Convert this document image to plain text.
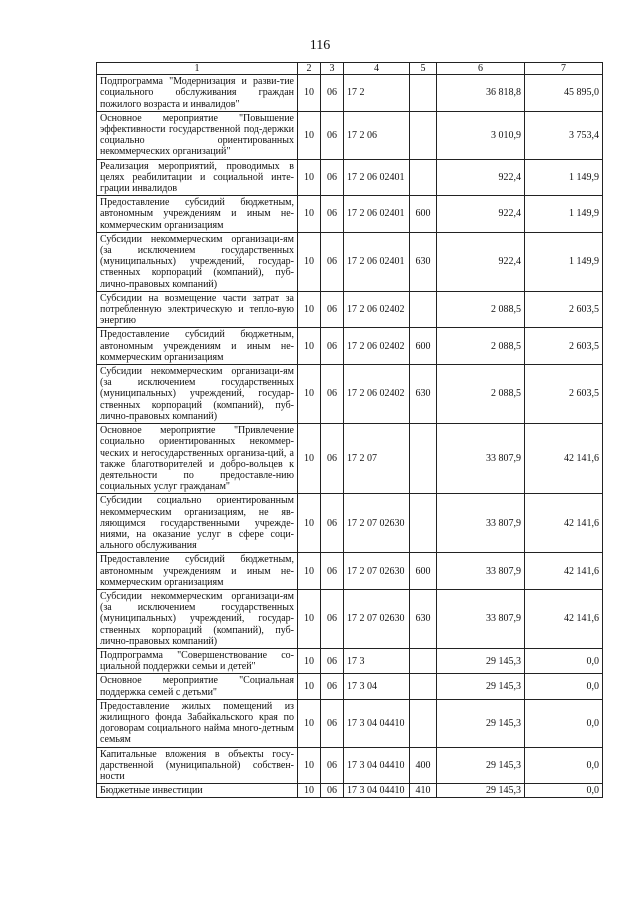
116
1	2	3	4	5	6	7
Подпрограмма "Модернизация и разви-тие социального обслуживания граждан пожилого возраста и инвалидов"	10	06	17 2		36 818,8	45 895,0
Основное мероприятие "Повышение эффективности государственной под-держки социально ориентированных некоммерческих организаций"	10	06	17 2 06		3 010,9	3 753,4
Реализация мероприятий, проводимых в целях реабилитации и социальной инте-грации инвалидов	10	06	17 2 06 02401		922,4	1 149,9
Предоставление субсидий бюджетным, автономным учреждениям и иным не-коммерческим организациям	10	06	17 2 06 02401	600	922,4	1 149,9
Субсидии некоммерческим организаци-ям (за исключением государственных (муниципальных) учреждений, государ-ственных корпораций (компаний), пуб-лично-правовых компаний)	10	06	17 2 06 02401	630	922,4	1 149,9
Субсидии на возмещение части затрат за потребленную электрическую и тепло-вую энергию	10	06	17 2 06 02402		2 088,5	2 603,5
Предоставление субсидий бюджетным, автономным учреждениям и иным не-коммерческим организациям	10	06	17 2 06 02402	600	2 088,5	2 603,5
Субсидии некоммерческим организаци-ям (за исключением государственных (муниципальных) учреждений, государ-ственных корпораций (компаний), пуб-лично-правовых компаний)	10	06	17 2 06 02402	630	2 088,5	2 603,5
Основное мероприятие "Привлечение социально ориентированных некоммер-ческих и негосударственных организа-ций, а также благотворителей и добро-вольцев к деятельности по предоставле-нию социальных услуг гражданам"	10	06	17 2 07		33 807,9	42 141,6
Субсидии социально ориентированным некоммерческим организациям, не яв-ляющимся государственными учрежде-ниями, на оказание услуг в сфере соци-ального обслуживания	10	06	17 2 07 02630		33 807,9	42 141,6
Предоставление субсидий бюджетным, автономным учреждениям и иным не-коммерческим организациям	10	06	17 2 07 02630	600	33 807,9	42 141,6
Субсидии некоммерческим организаци-ям (за исключением государственных (муниципальных) учреждений, государ-ственных корпораций (компаний), пуб-лично-правовых компаний)	10	06	17 2 07 02630	630	33 807,9	42 141,6
Подпрограмма "Совершенствование со-циальной поддержки семьи и детей"	10	06	17 3		29 145,3	0,0
Основное мероприятие "Социальная поддержка семей с детьми"	10	06	17 3 04		29 145,3	0,0
Предоставление жилых помещений из жилищного фонда Забайкальского края по договорам социального найма много-детным семьям	10	06	17 3 04 04410		29 145,3	0,0
Капитальные вложения в объекты госу-дарственной (муниципальной) собствен-ности	10	06	17 3 04 04410	400	29 145,3	0,0
Бюджетные инвестиции	10	06	17 3 04 04410	410	29 145,3	0,0
